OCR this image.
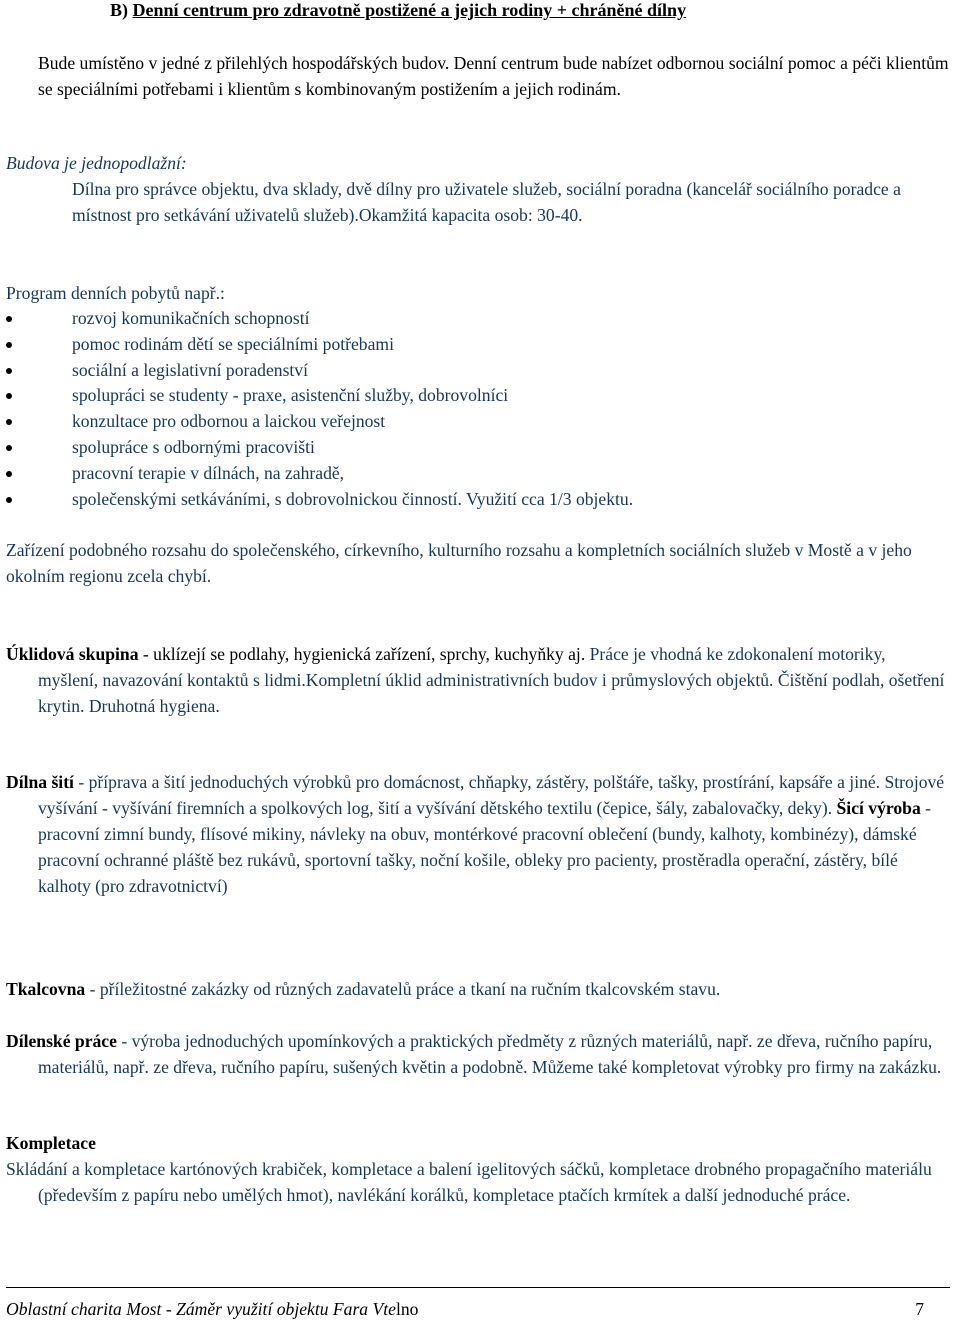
B) Denní centrum pro zdravotně postižené a jejich rodiny + chráněné dílny

Bude umístěno v jedné z přilehlých hospodářských budov. Denní centrum bude nabízet odbornou sociální pomoc a péči klientům se speciálními potřebami i klientům s kombinovaným postižením a jejich rodinám.

Budova je jednopodlažní:

Dílna pro správce objektu, dva sklady, dvě dílny pro uživatele služeb, sociální poradna (kancelář sociálního poradce a místnost pro setkávání uživatelů služeb).Okamžitá kapacita osob: 30-40.

Program denních pobytů např.:

rozvoj komunikačních schopností
pomoc rodinám dětí se speciálními potřebami
sociální a legislativní poradenství
spolupráci se studenty - praxe, asistenční služby, dobrovolníci
konzultace pro odbornou a laickou veřejnost
spolupráce s odbornými pracovišti
pracovní terapie v dílnách, na zahradě,
společenskými setkáváními, s dobrovolnickou činností. Využití cca 1/3 objektu.

Zařízení podobného rozsahu do společenského, církevního, kulturního rozsahu a kompletních sociálních služeb v Mostě a v jeho okolním regionu zcela chybí.

Úklidová skupina - uklízejí se podlahy, hygienická zařízení, sprchy, kuchyňky aj. Práce je vhodná ke zdokonalení motoriky, myšlení, navazování kontaktů s lidmi.Kompletní úklid administrativních budov i průmyslových objektů. Čištění podlah, ošetření krytin. Druhotná hygiena.

Dílna šití - příprava a šití jednoduchých výrobků pro domácnost, chňapky, zástěry, polštáře, tašky, prostírání, kapsáře a jiné. Strojové vyšívání - vyšívání firemních a spolkových log, šití a vyšívání dětského textilu (čepice, šály, zabalovačky, deky). Šicí výroba - pracovní zimní bundy, flísové mikiny, návleky na obuv, montérkové pracovní oblečení (bundy, kalhoty, kombinézy), dámské pracovní ochranné pláště bez rukávů, sportovní tašky, noční košile, obleky pro pacienty, prostěradla operační, zástěry, bílé kalhoty (pro zdravotnictví)

Tkalcovna - příležitostné zakázky od různých zadavatelů práce a tkaní na ručním tkalcovském stavu.

Dílenské práce - výroba jednoduchých upomínkových a praktických předměty z různých materiálů, např. ze dřeva, ručního papíru, materiálů, např. ze dřeva, ručního papíru, sušených květin a podobně. Můžeme také kompletovat výrobky pro firmy na zakázku.

Kompletace

Skládání a kompletace kartónových krabiček, kompletace a balení igelitových sáčků, kompletace drobného propagačního materiálu (především z papíru nebo umělých hmot), navlékání korálků, kompletace ptačích krmítek a další jednoduché práce.

Oblastní charita Most - Záměr využití objektu Fara Vtelno	7
